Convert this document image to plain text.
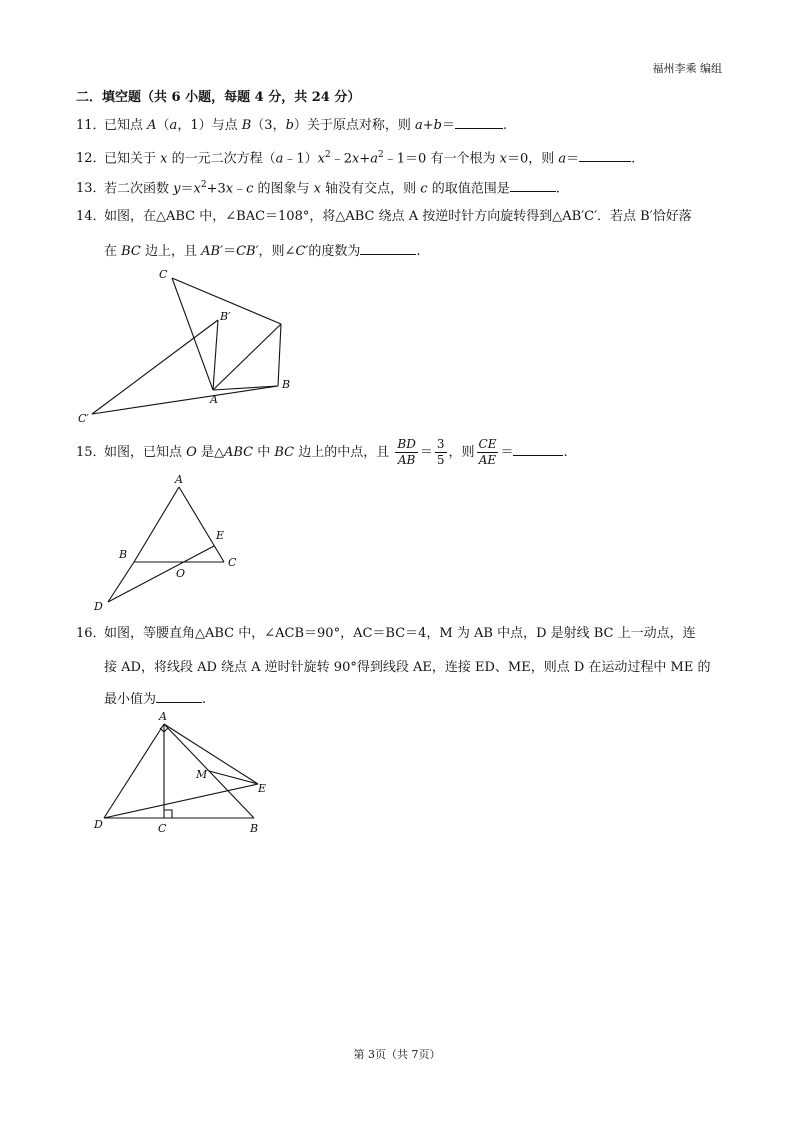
福州李乘 编组
二．填空题（共 6 小题，每题 4 分，共 24 分）
11．已知点 A（a，1）与点 B（3，b）关于原点对称，则 a+b＝	.
12．已知关于 x 的一元二次方程$(a﹣1)x^2﹣2x+a^2﹣1=0$ 有一个根为 x＝0，则 a＝	.
13．若二次函数 $y=x^2+3x﹣c$ 的图象与 x 轴没有交点，则 c 的取值范围是	.
14．如图，在△ABC 中，∠BAC＝108°，将△ABC 绕点 A 按逆时针方向旋转得到△AB′C′．若点 B′恰好落
在 BC 边上，且 AB′＝CB′，则∠C′的度数为	.
C
B′
B
A
C′
15．如图，已知点 O 是△ABC 中 BC 边上的中点，且 $\frac{BD}{AB} = \frac{3}{5}$ ，则 $\frac{CE}{AE}$ ＝	.
A
E
B
C
O
D
16．如图，等腰直角△ABC 中，∠ACB＝90°，AC＝BC＝4，M 为 AB 中点，D 是射线 BC 上一动点，连
接 AD，将线段 AD 绕点 A 逆时针旋转 90°得到线段 AE，连接 ED、ME，则点 D 在运动过程中 ME 的
最小值为	.
A
M
E
D	C	B
第 3页（共 7页）
